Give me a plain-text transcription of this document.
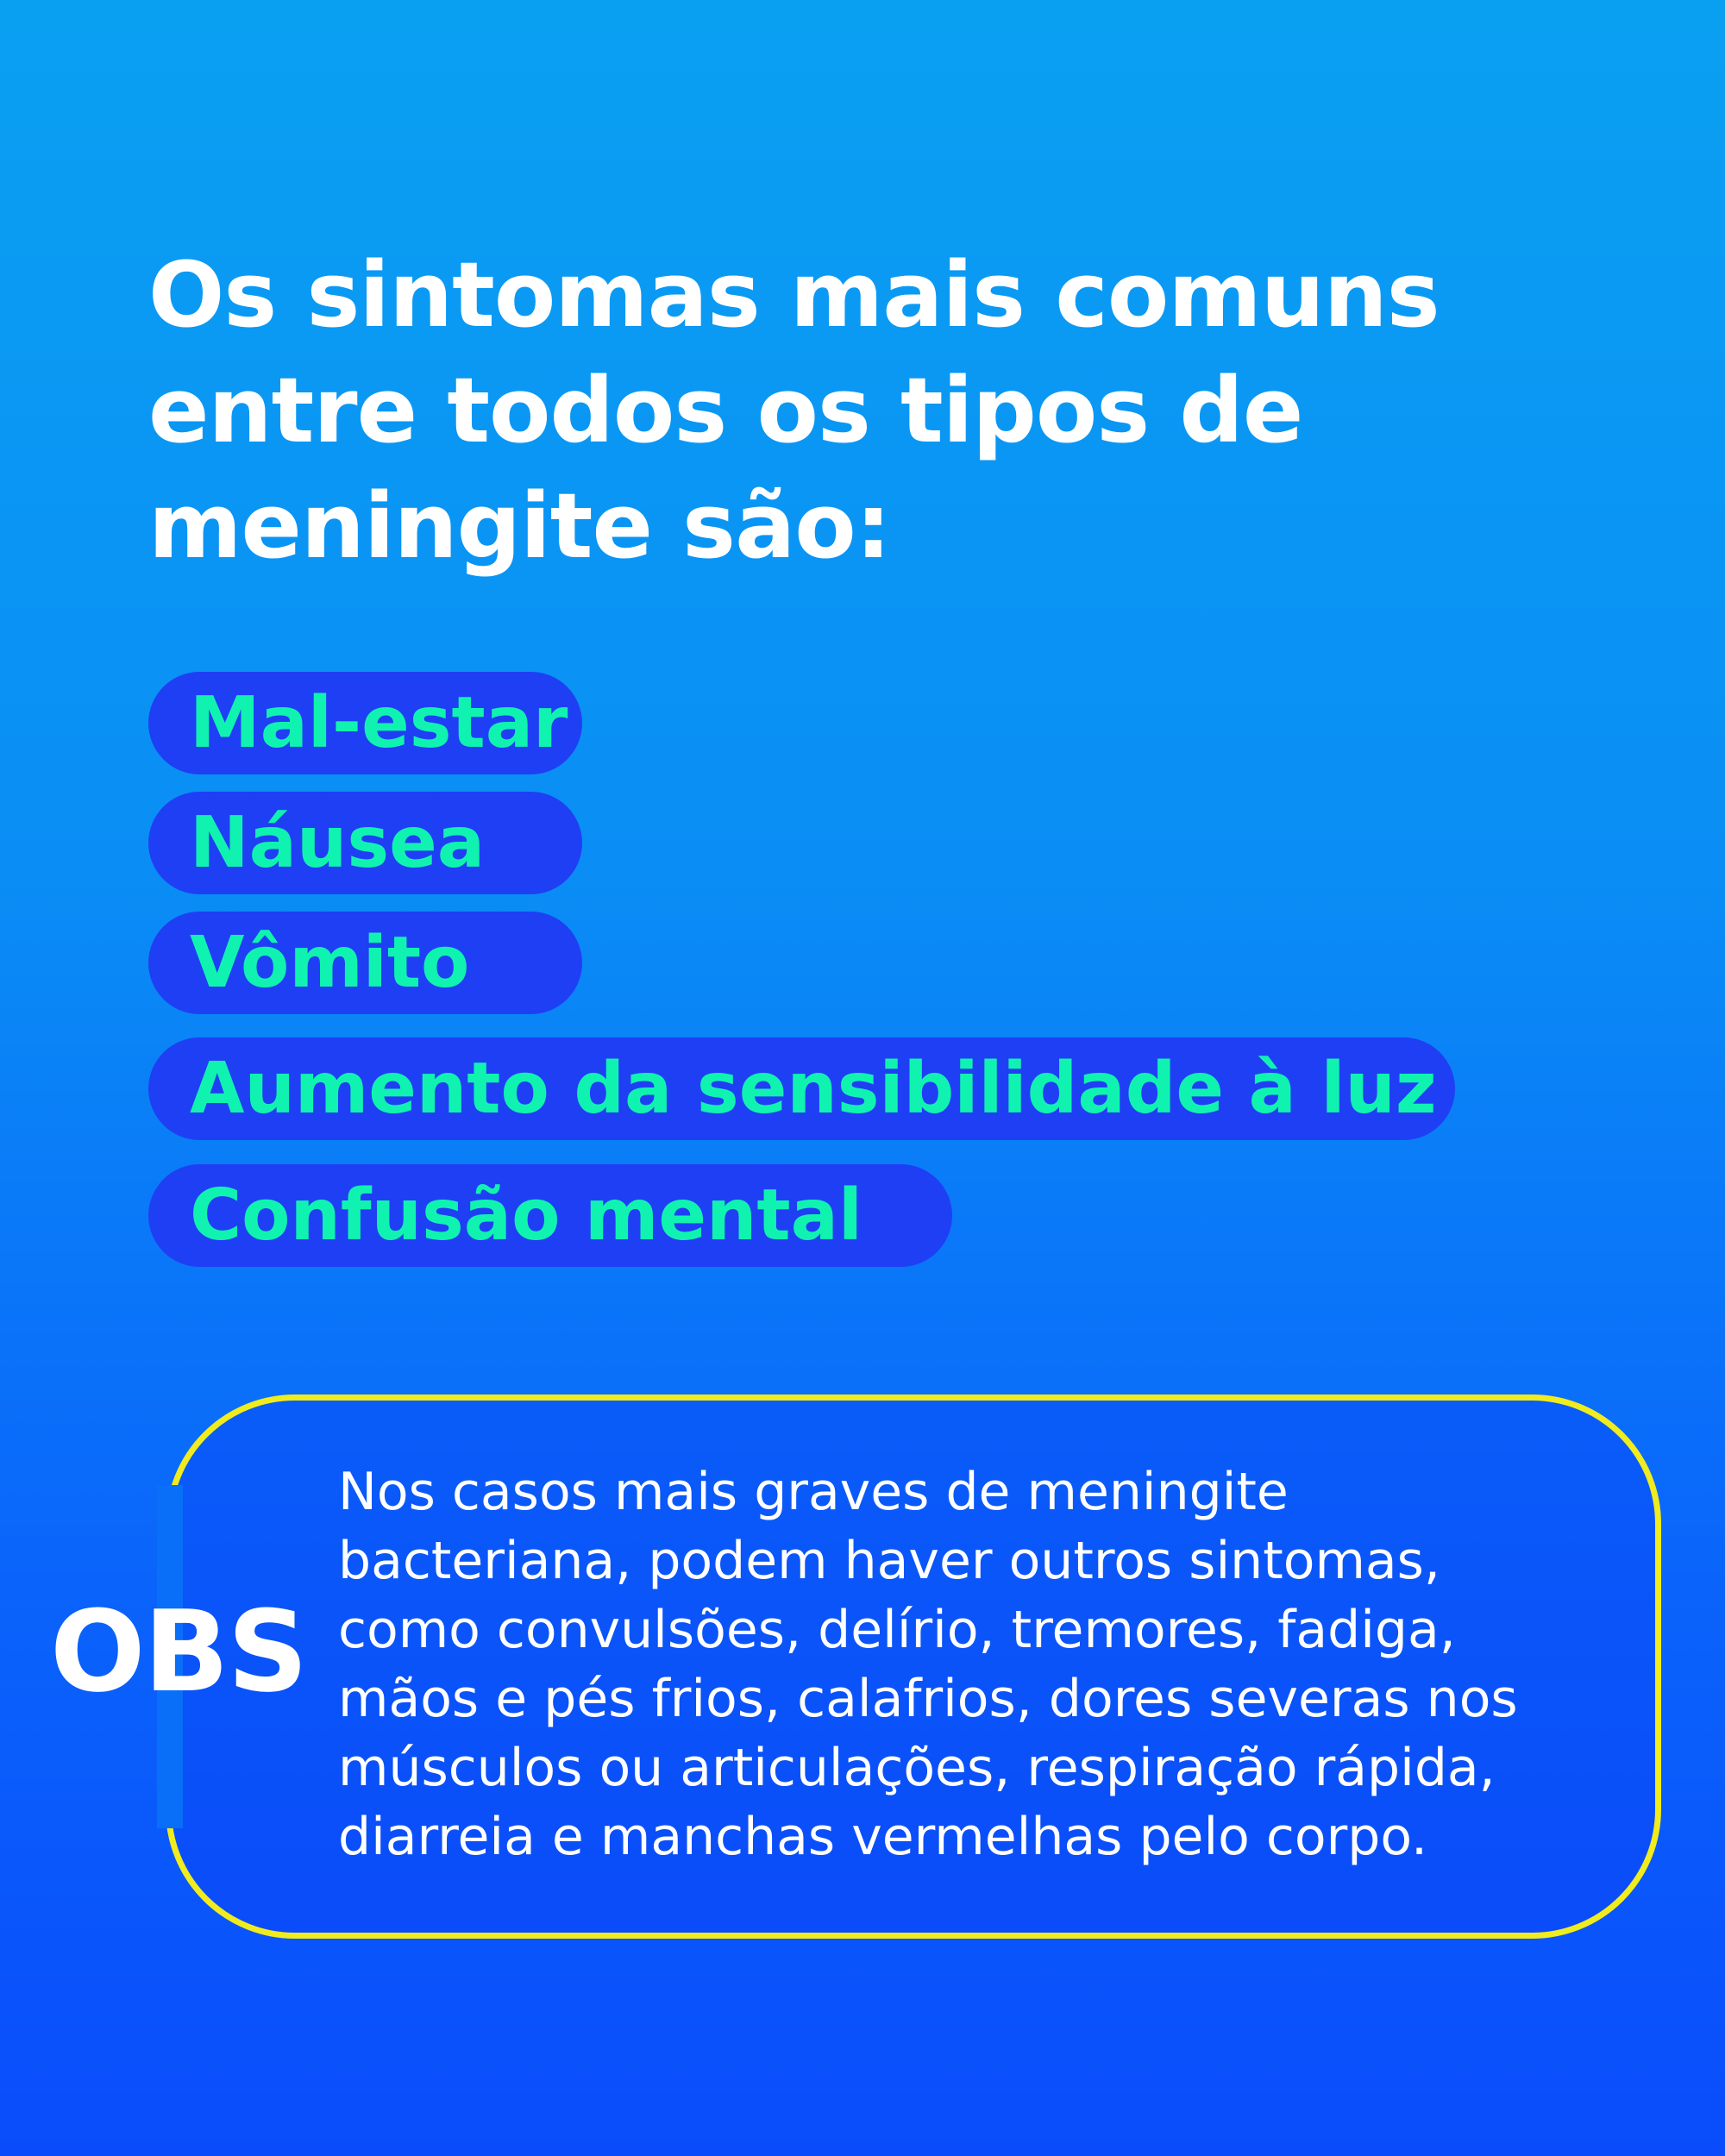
Os sintomas mais comuns
entre todos os tipos de
meningite são:
Mal-estar
Náusea
Vômito
Aumento da sensibilidade à luz
Confusão mental
OBS

Nos casos mais graves de meningite
bacteriana, podem haver outros sintomas,
como convulsões, delírio, tremores, fadiga,
mãos e pés frios, calafrios, dores severas nos
músculos ou articulações, respiração rápida,
diarreia e manchas vermelhas pelo corpo.
